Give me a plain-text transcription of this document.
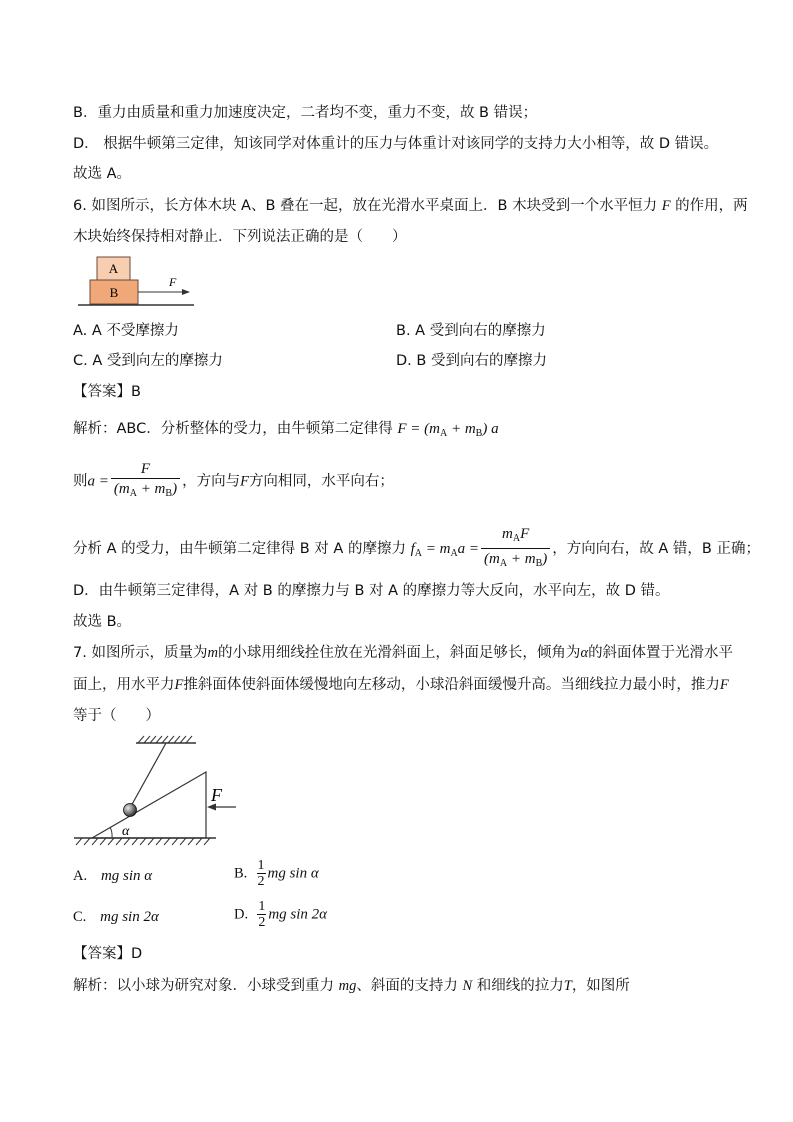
B．重力由质量和重力加速度决定，二者均不变，重力不变，故 B 错误；
D． 根据牛顿第三定律，知该同学对体重计的压力与体重计对该同学的支持力大小相等，故 D 错误。
故选 A。
6. 如图所示，长方体木块 A、B 叠在一起，放在光滑水平桌面上．B 木块受到一个水平恒力 F 的作用，两
木块始终保持相对静止．下列说法正确的是（　　）
A
B
F
A. A 不受摩擦力	B. A 受到向右的摩擦力
C. A 受到向左的摩擦力	D. B 受到向右的摩擦力
【答案】B
解析：ABC．分析整体的受力，由牛顿第二定律得 $F = (m_A + m_B)$ a
则$a = \frac{F}{(m_A + m_B)}$ ，方向与F方向相同，水平向右；
分析 A 的受力，由牛顿第二定律得 B 对 A 的摩擦力 $f_A = m_Aa = \frac{m_AF}{(m_A + m_B)}$ ，方向向右，故 A 错，B 正确；
D．由牛顿第三定律得，A 对 B 的摩擦力与 B 对 A 的摩擦力等大反向，水平向左，故 D 错。
故选 B。
7. 如图所示，质量为m的小球用细线拴住放在光滑斜面上，斜面足够长，倾角为α的斜面体置于光滑水平
面上，用水平力F推斜面体使斜面体缓慢地向左移动，小球沿斜面缓慢升高。当细线拉力最小时，推力F
等于（　　）
α
F
A. mg sin α	B. $\frac{1}{2}$ mg sin α
C. mg sin 2α	D. $\frac{1}{2}$ mg sin 2α
【答案】D
解析：以小球为研究对象．小球受到重力 mg、斜面的支持力 N 和细线的拉力T，如图所
